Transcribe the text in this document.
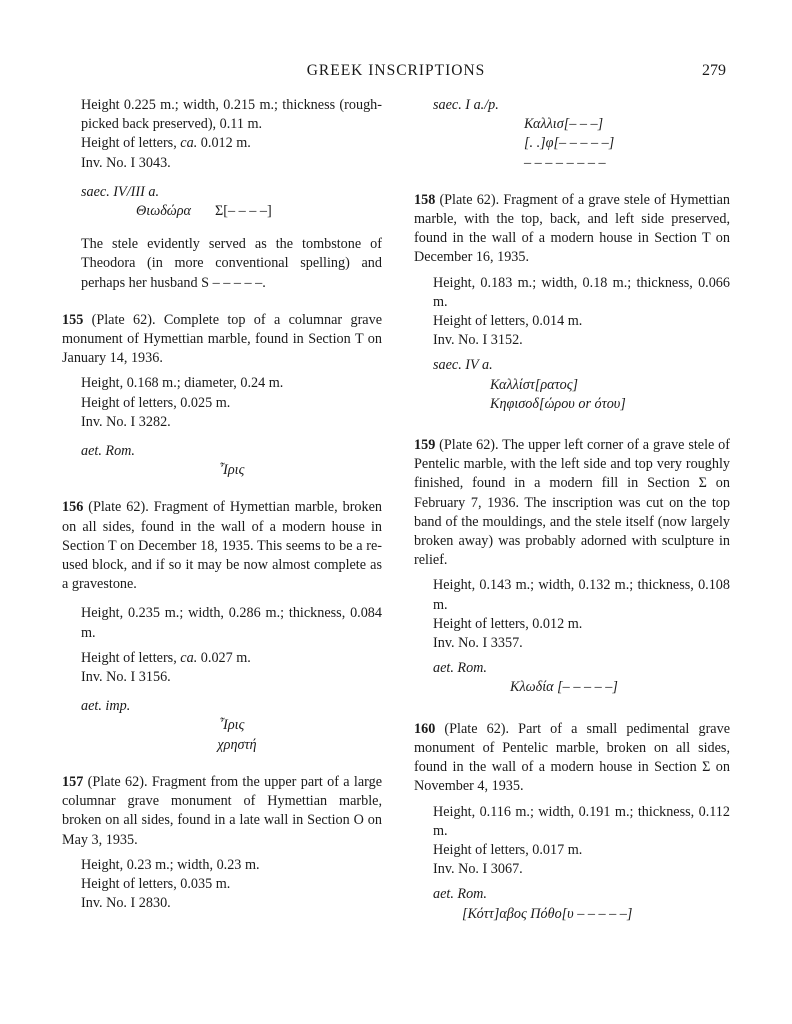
GREEK INSCRIPTIONS	279

Height 0.225 m.; width, 0.215 m.; thickness (rough-picked back preserved), 0.11 m.

Height of letters, ca. 0.012 m.

Inv. No. I 3043.

saec. IV/III a.

Θιωδώρα Σ[– – – –]

The stele evidently served as the tombstone of Theodora (in more conventional spelling) and perhaps her husband S – – – – –.

155 (Plate 62). Complete top of a columnar grave monument of Hymettian marble, found in Section T on January 14, 1936.

Height, 0.168 m.; diameter, 0.24 m.

Height of letters, 0.025 m.

Inv. No. I 3282.

aet. Rom.

Ἶρις

156 (Plate 62). Fragment of Hymettian marble, broken on all sides, found in the wall of a modern house in Section T on December 18, 1935. This seems to be a re-used block, and if so it may be now almost complete as a gravestone.

Height, 0.235 m.; width, 0.286 m.; thickness, 0.084 m.

Height of letters, ca. 0.027 m.

Inv. No. I 3156.

aet. imp.

Ἶρις

χρηστή

157 (Plate 62). Fragment from the upper part of a large columnar grave monument of Hymettian marble, broken on all sides, found in a late wall in Section O on May 3, 1935.

Height, 0.23 m.; width, 0.23 m.

Height of letters, 0.035 m.

Inv. No. I 2830.

saec. I a./p.

Καλλισ[– – –]

[. .]φ[– – – – –]

– – – – – – – –

158 (Plate 62). Fragment of a grave stele of Hymettian marble, with the top, back, and left side preserved, found in the wall of a modern house in Section T on December 16, 1935.

Height, 0.183 m.; width, 0.18 m.; thickness, 0.066 m.

Height of letters, 0.014 m.

Inv. No. I 3152.

saec. IV a.

Καλλίστ[ρατος]

Κηφισοδ[ώρου or ότου]

159 (Plate 62). The upper left corner of a grave stele of Pentelic marble, with the left side and top very roughly finished, found in a modern fill in Section Σ on February 7, 1936. The inscription was cut on the top band of the mouldings, and the stele itself (now largely broken away) was probably adorned with sculpture in relief.

Height, 0.143 m.; width, 0.132 m.; thickness, 0.108 m.

Height of letters, 0.012 m.

Inv. No. I 3357.

aet. Rom.

Κλωδία [– – – – –]

160 (Plate 62). Part of a small pedimental grave monument of Pentelic marble, broken on all sides, found in the wall of a modern house in Section Σ on November 4, 1935.

Height, 0.116 m.; width, 0.191 m.; thickness, 0.112 m.

Height of letters, 0.017 m.

Inv. No. I 3067.

aet. Rom.

[Κόττ]αβος Πόθο[υ – – – – –]
